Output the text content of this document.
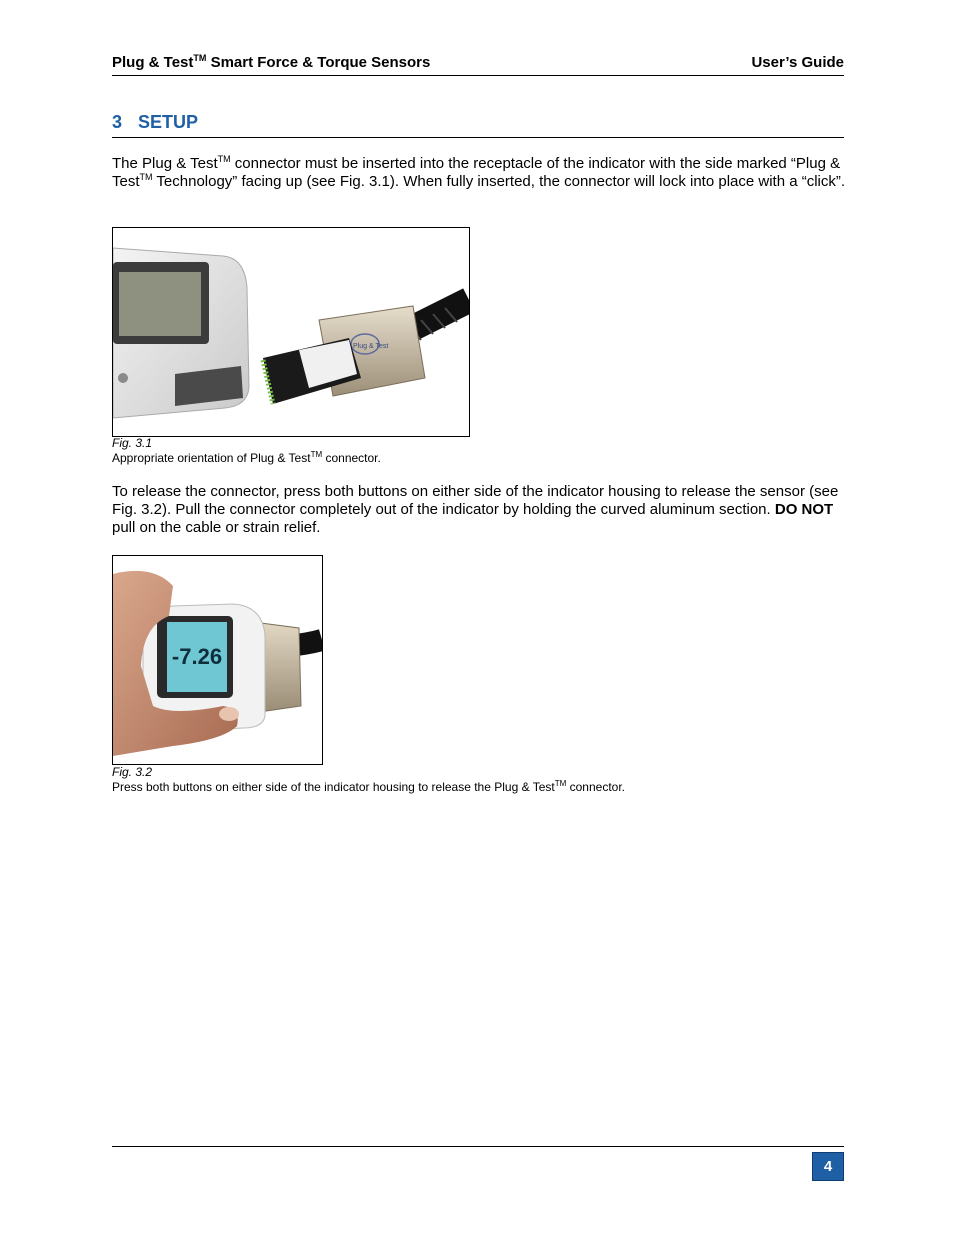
Plug & Test™ Smart Force & Torque Sensors	User’s Guide
3 SETUP
The Plug & Test™ connector must be inserted into the receptacle of the indicator with the side marked “Plug & Test™ Technology” facing up (see Fig. 3.1). When fully inserted, the connector will lock into place with a “click”.
Plug & Test
Fig. 3.1
Appropriate orientation of Plug & Test™ connector.
To release the connector, press both buttons on either side of the indicator housing to release the sensor (see Fig. 3.2). Pull the connector completely out of the indicator by holding the curved aluminum section. DO NOT pull on the cable or strain relief.
-7.26
Fig. 3.2
Press both buttons on either side of the indicator housing to release the Plug & Test™ connector.
4
